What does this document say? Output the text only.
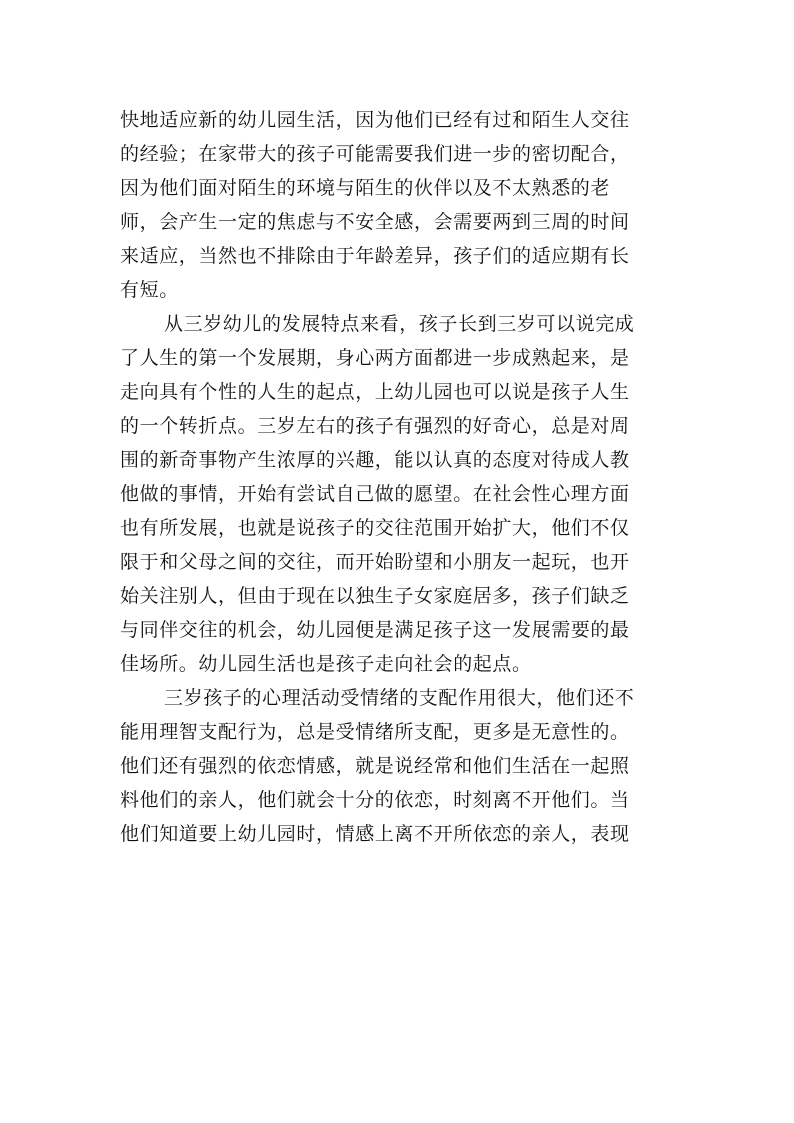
快地适应新的幼儿园生活，因为他们已经有过和陌生人交往
的经验；在家带大的孩子可能需要我们进一步的密切配合，
因为他们面对陌生的环境与陌生的伙伴以及不太熟悉的老
师，会产生一定的焦虑与不安全感，会需要两到三周的时间
来适应，当然也不排除由于年龄差异，孩子们的适应期有长
有短。
从三岁幼儿的发展特点来看，孩子长到三岁可以说完成
了人生的第一个发展期，身心两方面都进一步成熟起来，是
走向具有个性的人生的起点，上幼儿园也可以说是孩子人生
的一个转折点。三岁左右的孩子有强烈的好奇心，总是对周
围的新奇事物产生浓厚的兴趣，能以认真的态度对待成人教
他做的事情，开始有尝试自己做的愿望。在社会性心理方面
也有所发展，也就是说孩子的交往范围开始扩大，他们不仅
限于和父母之间的交往，而开始盼望和小朋友一起玩，也开
始关注别人，但由于现在以独生子女家庭居多，孩子们缺乏
与同伴交往的机会，幼儿园便是满足孩子这一发展需要的最
佳场所。幼儿园生活也是孩子走向社会的起点。
三岁孩子的心理活动受情绪的支配作用很大，他们还不
能用理智支配行为，总是受情绪所支配，更多是无意性的。
他们还有强烈的依恋情感，就是说经常和他们生活在一起照
料他们的亲人，他们就会十分的依恋，时刻离不开他们。当
他们知道要上幼儿园时，情感上离不开所依恋的亲人，表现
